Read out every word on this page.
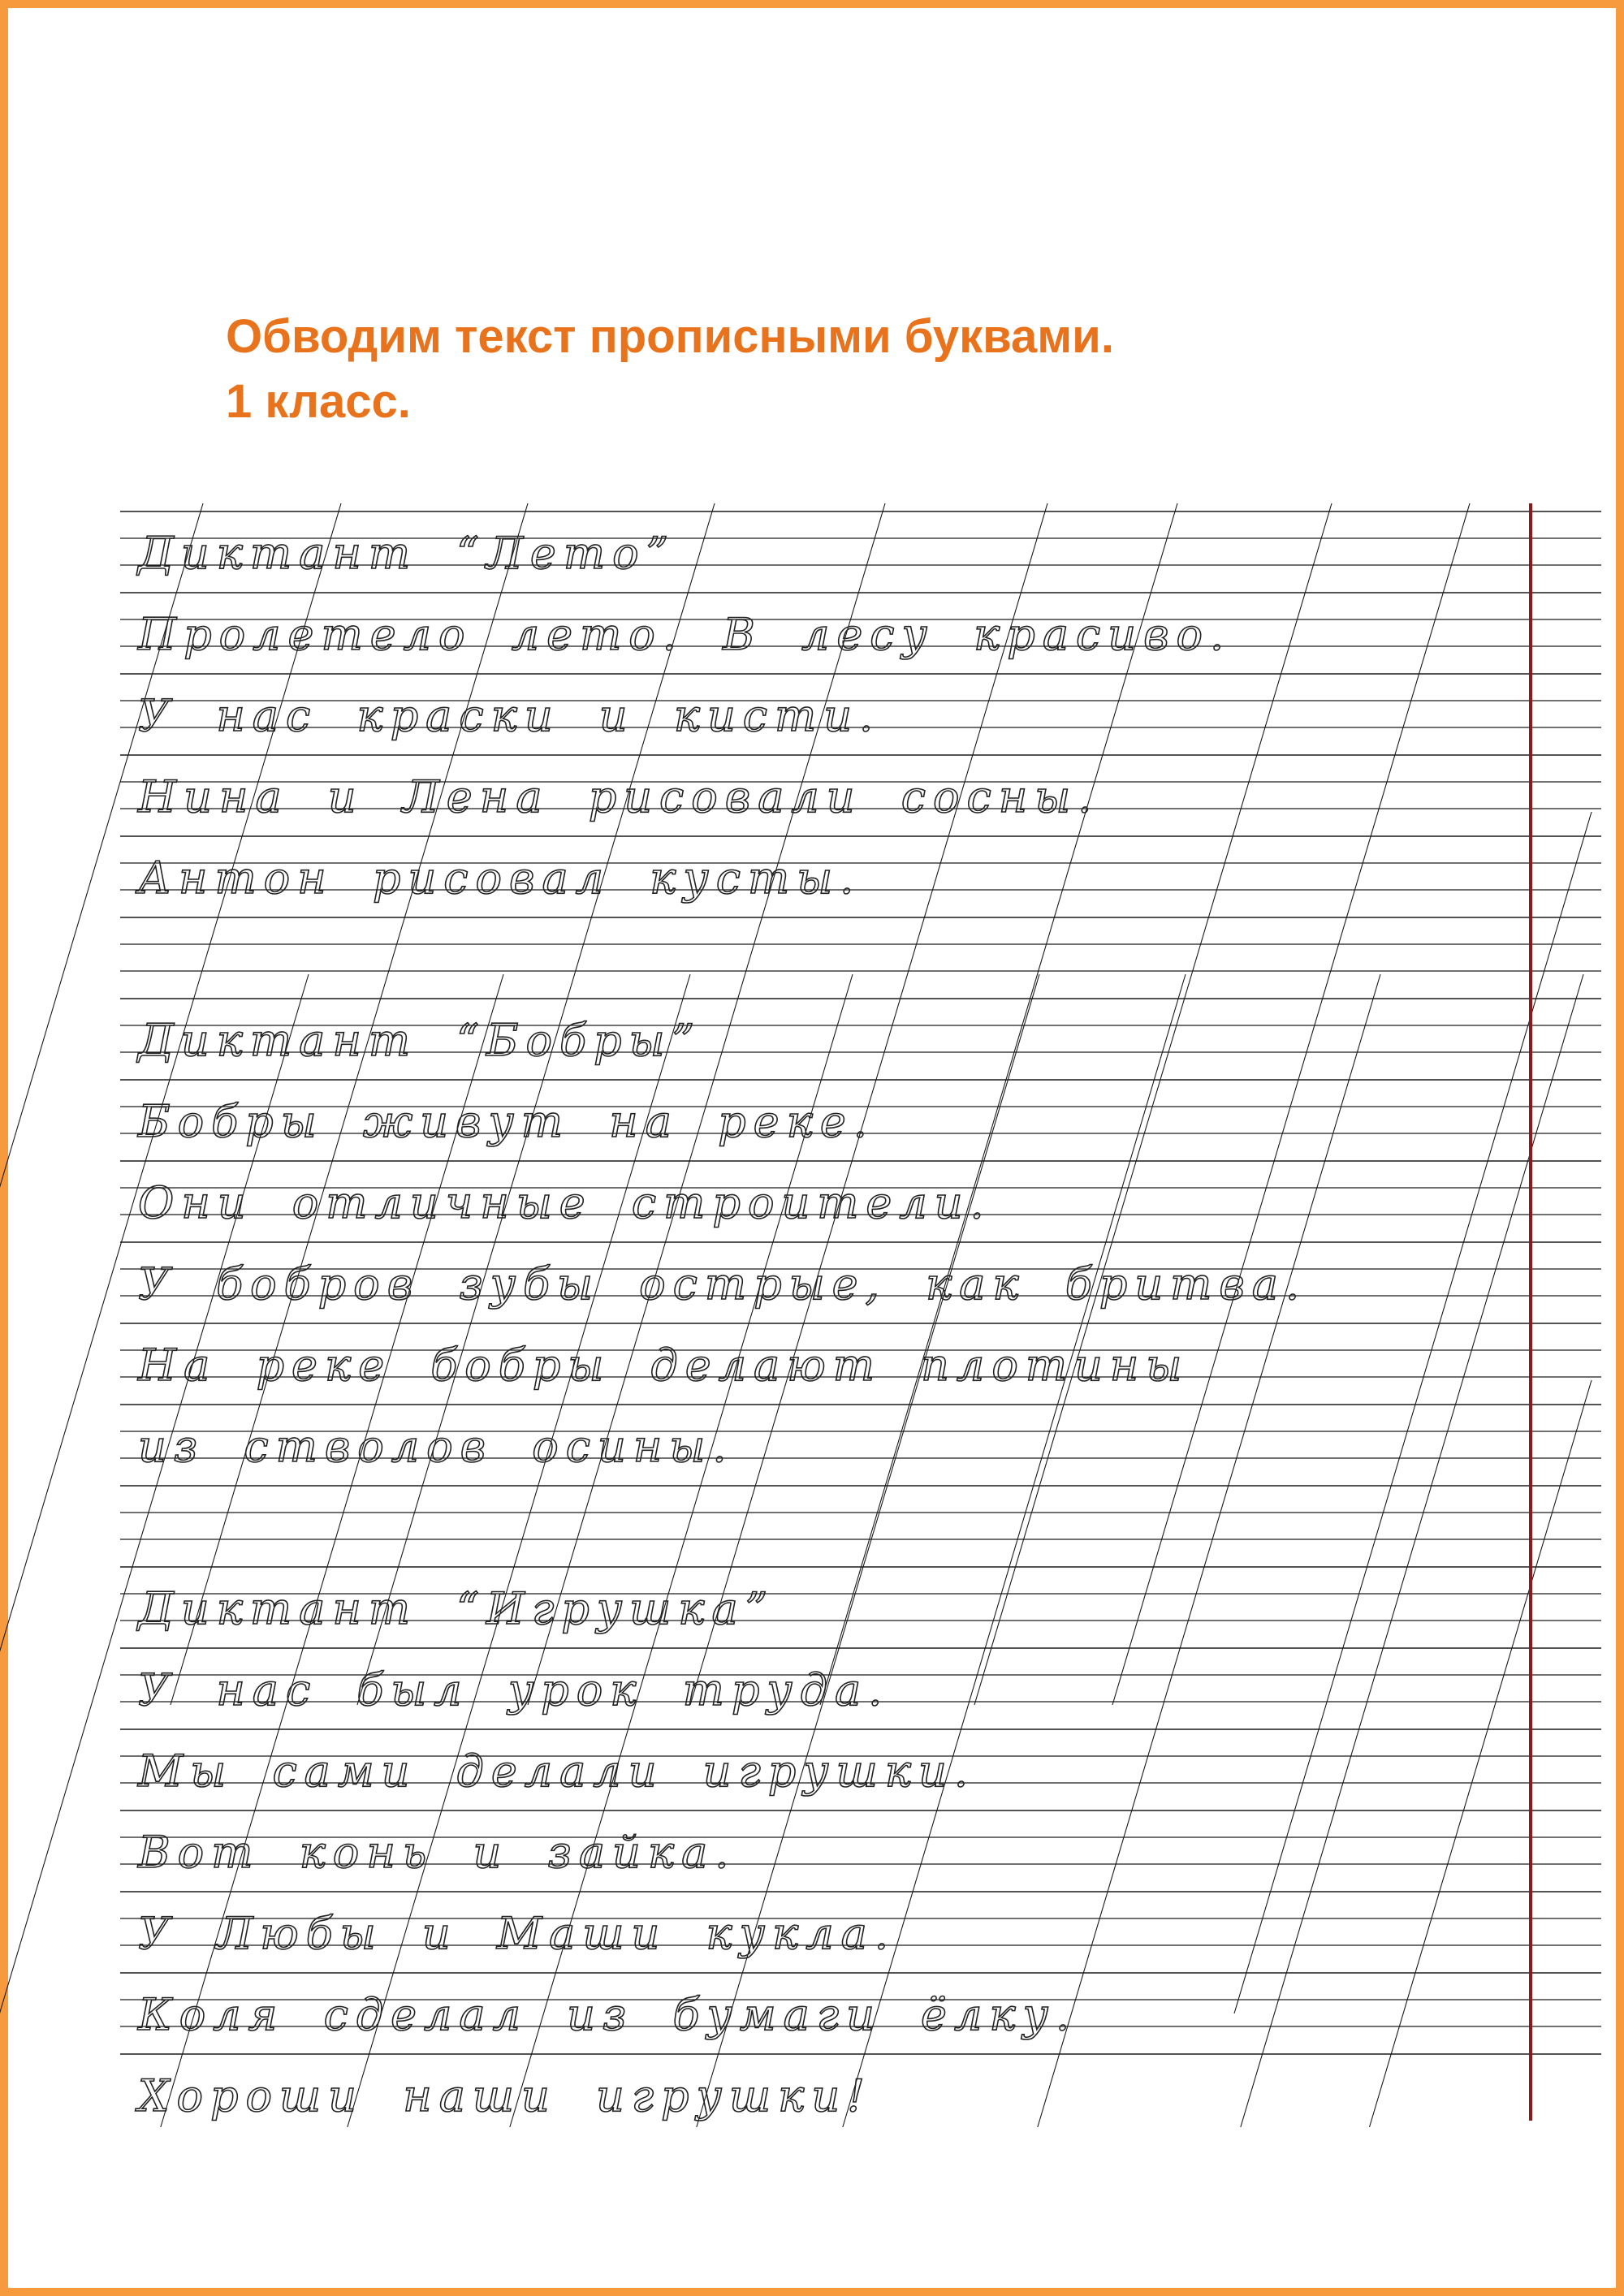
Обводим текст прописными буквами.
1 класс.
Диктант “Лето”
Пролетело лето. В лесу красиво.
У нас краски и кисти.
Нина и Лена рисовали сосны.
Антон рисовал кусты.
Диктант “Бобры”
Бобры живут на реке.
Они отличные строители.
У бобров зубы острые, как бритва.
На реке бобры делают плотины
из стволов осины.
Диктант “Игрушка”
У нас был урок труда.
Мы сами делали игрушки.
Вот конь и зайка.
У Любы и Маши кукла.
Коля сделал из бумаги ёлку.
Хороши наши игрушки!
